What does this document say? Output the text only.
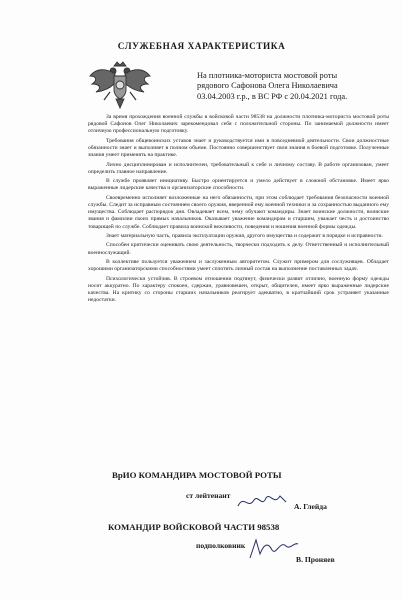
СЛУЖЕБНАЯ ХАРАКТЕРИСТИКА
На плотника-моториста мостовой роты
рядового Сафонова Олега Николаевича
03.04.2003 г.р., в ВС РФ с 20.04.2021 года.

За время прохождения военной службы в войсковой части 98538 на должности плотника-моториста мостовой роты рядовой Сафонов Олег Николаевич зарекомендовал себя с положительной стороны. По занимаемой должности имеет отличную профессиональную подготовку.

Требования общевоинских уставов знает и руководствуется ими в повседневной деятельности. Свои должностные обязанности знает и выполняет в полном объеме. Постоянно совершенствует свои знания в боевой подготовке. Полученные знания умеет применять на практике.

Лично дисциплинирован и исполнителен, требовательный к себе и личному составу. В работе организован, умеет определить главное направление.

В службе проявляет инициативу. Быстро ориентируется и умело действует в сложной обстановке. Имеет ярко выраженные лидерские качества и организаторские способности.

Своевременно исполняет возложенные на него обязанности, при этом соблюдает требования безопасности военной службы. Следит за исправным состоянием своего оружия, вверенной ему военной техники и за сохранностью выданного ему имущества. Соблюдает распорядок дня. Овладевает всем, чему обучают командиры. Знает воинские должности, воинские звания и фамилии своих прямых начальников. Оказывает уважение командирам и старшим, уважает честь и достоинство товарищей по службе. Соблюдает правила воинской вежливости, поведения и ношения военной формы одежды.

Знает материальную часть, правила эксплуатации оружия, другого имущества и содержит в порядке и исправности.

Способен критически оценивать свою деятельность, творчески подходить к делу. Ответственный и исполнительный военнослужащий.

В коллективе пользуется уважением и заслуженным авторитетом. Служит примером для сослуживцев. Обладает хорошими организаторскими способностями умеет сплотить личный состав на выполнение поставленных задач.

Психологически устойчив. В строевом отношении подтянут, физически развит отлично, военную форму одежды носит аккуратно. По характеру спокоен, сдержан, уравновешен, открыт, общителен, имеет ярко выраженные лидерские качества. На критику со стороны старших начальников реагирует адекватно, в кратчайший срок устраняет указанные недостатки.

ВрИО КОМАНДИРА МОСТОВОЙ РОТЫ
ст лейтенант
А. Глейда
КОМАНДИР ВОЙСКОВОЙ ЧАСТИ 98538
подполковник
В. Проняев
